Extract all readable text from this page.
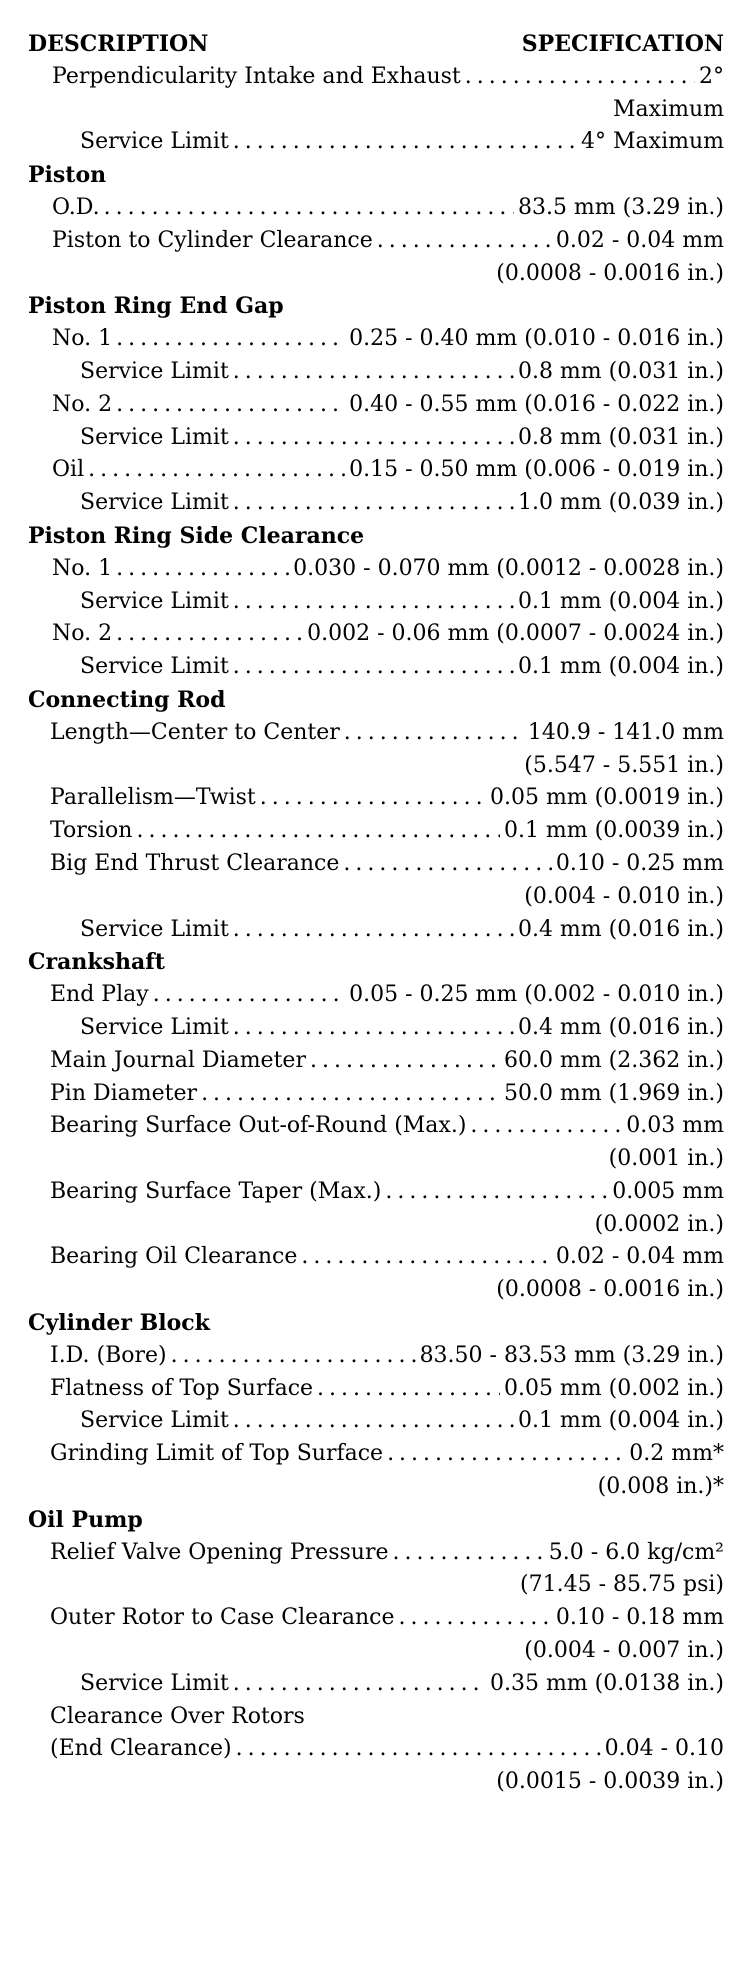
DESCRIPTION	SPECIFICATION
Perpendicularity Intake and Exhaust .....	2°
Maximum
Service Limit .....	4° Maximum
Piston
O.D. .....	83.5 mm (3.29 in.)
Piston to Cylinder Clearance .....	0.02 - 0.04 mm
(0.0008 - 0.0016 in.)
Piston Ring End Gap
No. 1 .....	0.25 - 0.40 mm (0.010 - 0.016 in.)
Service Limit .....	0.8 mm (0.031 in.)
No. 2 .....	0.40 - 0.55 mm (0.016 - 0.022 in.)
Service Limit .....	0.8 mm (0.031 in.)
Oil .....	0.15 - 0.50 mm (0.006 - 0.019 in.)
Service Limit .....	1.0 mm (0.039 in.)
Piston Ring Side Clearance
No. 1 .....	0.030 - 0.070 mm (0.0012 - 0.0028 in.)
Service Limit .....	0.1 mm (0.004 in.)
No. 2 .....	0.002 - 0.06 mm (0.0007 - 0.0024 in.)
Service Limit .....	0.1 mm (0.004 in.)
Connecting Rod
Length—Center to Center .....	140.9 - 141.0 mm
(5.547 - 5.551 in.)
Parallelism—Twist .....	0.05 mm (0.0019 in.)
Torsion .....	0.1 mm (0.0039 in.)
Big End Thrust Clearance .....	0.10 - 0.25 mm
(0.004 - 0.010 in.)
Service Limit .....	0.4 mm (0.016 in.)
Crankshaft
End Play .....	0.05 - 0.25 mm (0.002 - 0.010 in.)
Service Limit .....	0.4 mm (0.016 in.)
Main Journal Diameter .....	60.0 mm (2.362 in.)
Pin Diameter .....	50.0 mm (1.969 in.)
Bearing Surface Out-of-Round (Max.) .....	0.03 mm
(0.001 in.)
Bearing Surface Taper (Max.) .....	0.005 mm
(0.0002 in.)
Bearing Oil Clearance .....	0.02 - 0.04 mm
(0.0008 - 0.0016 in.)
Cylinder Block
I.D. (Bore) .....	83.50 - 83.53 mm (3.29 in.)
Flatness of Top Surface .....	0.05 mm (0.002 in.)
Service Limit .....	0.1 mm (0.004 in.)
Grinding Limit of Top Surface .....	0.2 mm*
(0.008 in.)*
Oil Pump
Relief Valve Opening Pressure .....	5.0 - 6.0 kg/cm²
(71.45 - 85.75 psi)
Outer Rotor to Case Clearance .....	0.10 - 0.18 mm
(0.004 - 0.007 in.)
Service Limit .....	0.35 mm (0.0138 in.)
Clearance Over Rotors
(End Clearance) .....	0.04 - 0.10
(0.0015 - 0.0039 in.)
